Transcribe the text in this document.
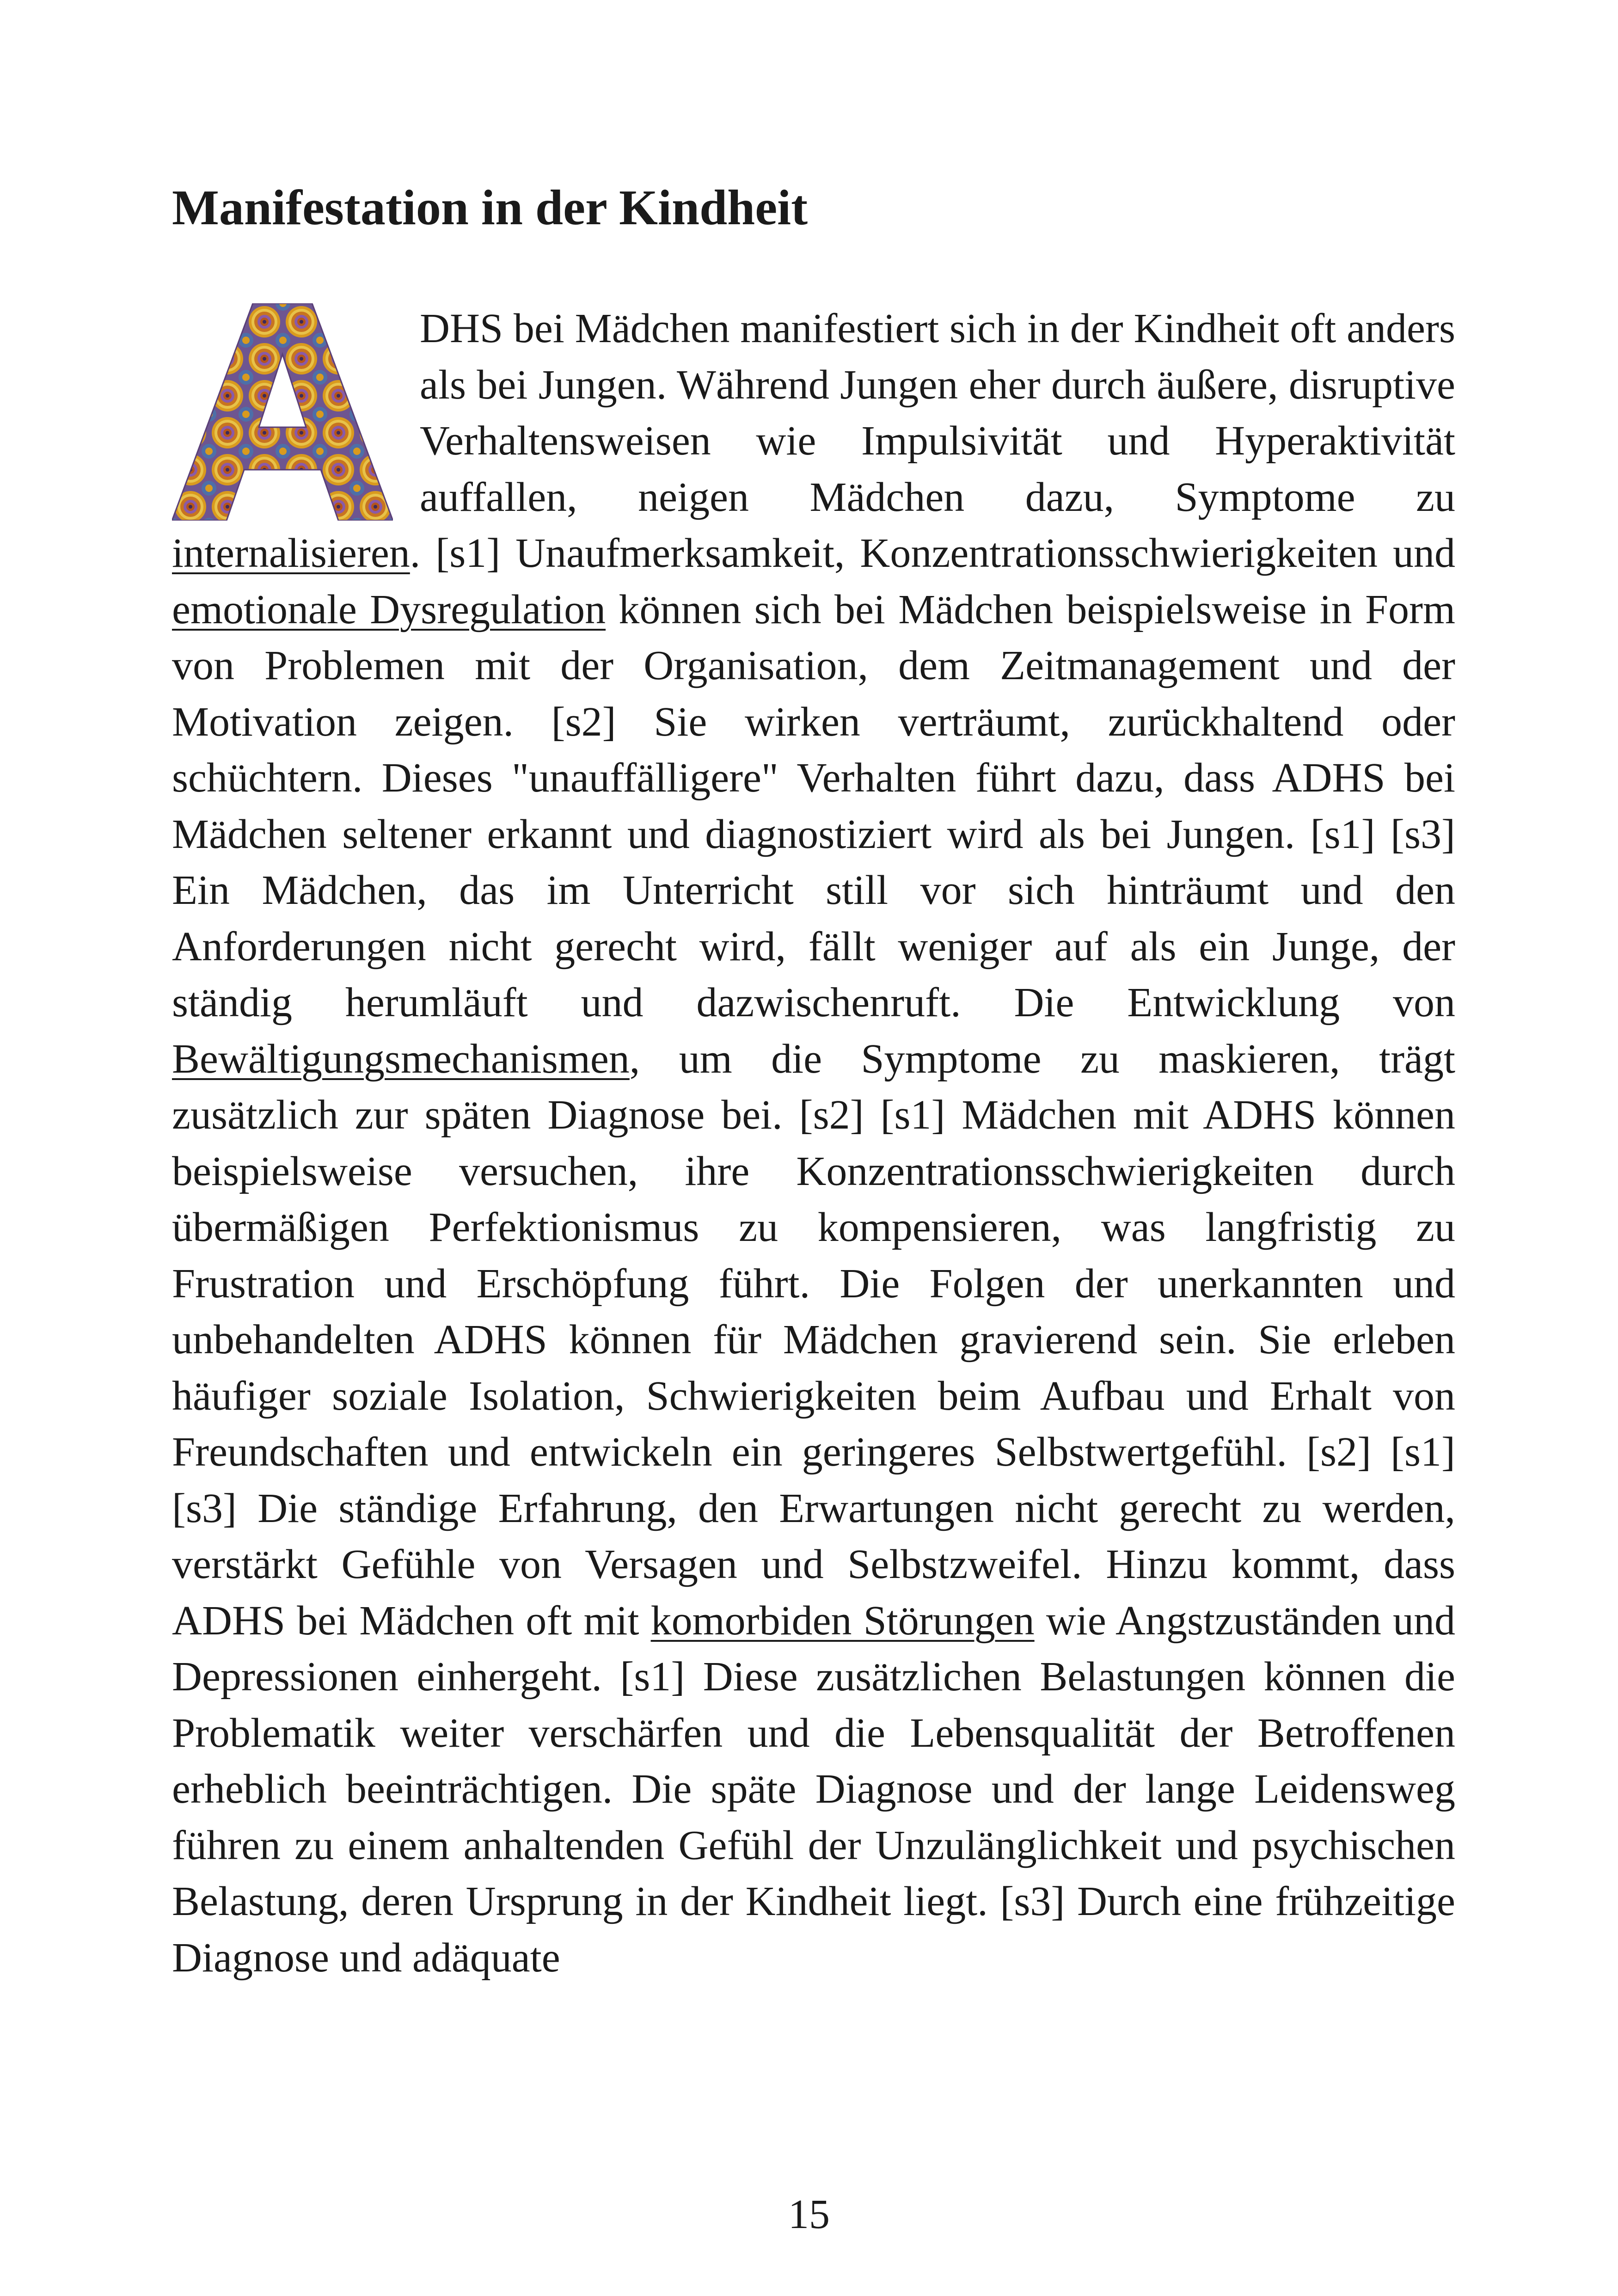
Manifestation in der Kindheit

DHS bei Mädchen manifestiert sich in der Kindheit oft anders als bei Jungen. Während Jungen eher durch äußere, disruptive Verhaltensweisen wie Impulsivität und Hyperaktivität auffallen, neigen Mädchen dazu, Symptome zu internalisieren. [s1] Unaufmerksamkeit, Konzentrationsschwierigkeiten und emotionale Dysregulation können sich bei Mädchen beispielsweise in Form von Problemen mit der Organisation, dem Zeitmanagement und der Motivation zeigen. [s2] Sie wirken verträumt, zurückhaltend oder schüchtern. Dieses "unauffälligere" Verhalten führt dazu, dass ADHS bei Mädchen seltener erkannt und diagnostiziert wird als bei Jungen. [s1] [s3] Ein Mädchen, das im Unterricht still vor sich hinträumt und den Anforderungen nicht gerecht wird, fällt weniger auf als ein Junge, der ständig herumläuft und dazwischenruft. Die Entwicklung von Bewältigungsmechanismen, um die Symptome zu maskieren, trägt zusätzlich zur späten Diagnose bei. [s2] [s1] Mädchen mit ADHS können beispielsweise versuchen, ihre Konzentrationsschwierigkeiten durch übermäßigen Perfektionismus zu kompensieren, was langfristig zu Frustration und Erschöpfung führt. Die Folgen der unerkannten und unbehandelten ADHS können für Mädchen gravierend sein. Sie erleben häufiger soziale Isolation, Schwierigkeiten beim Aufbau und Erhalt von Freundschaften und entwickeln ein geringeres Selbstwertgefühl. [s2] [s1] [s3] Die ständige Erfahrung, den Erwartungen nicht gerecht zu werden, verstärkt Gefühle von Versagen und Selbstzweifel. Hinzu kommt, dass ADHS bei Mädchen oft mit komorbiden Störungen wie Angstzuständen und Depressionen einhergeht. [s1] Diese zusätzlichen Belastungen können die Problematik weiter verschärfen und die Lebensqualität der Betroffenen erheblich beeinträchtigen. Die späte Diagnose und der lange Leidensweg führen zu einem anhaltenden Gefühl der Unzulänglichkeit und psychischen Belastung, deren Ursprung in der Kindheit liegt. [s3] Durch eine frühzeitige Diagnose und adäquate

15
